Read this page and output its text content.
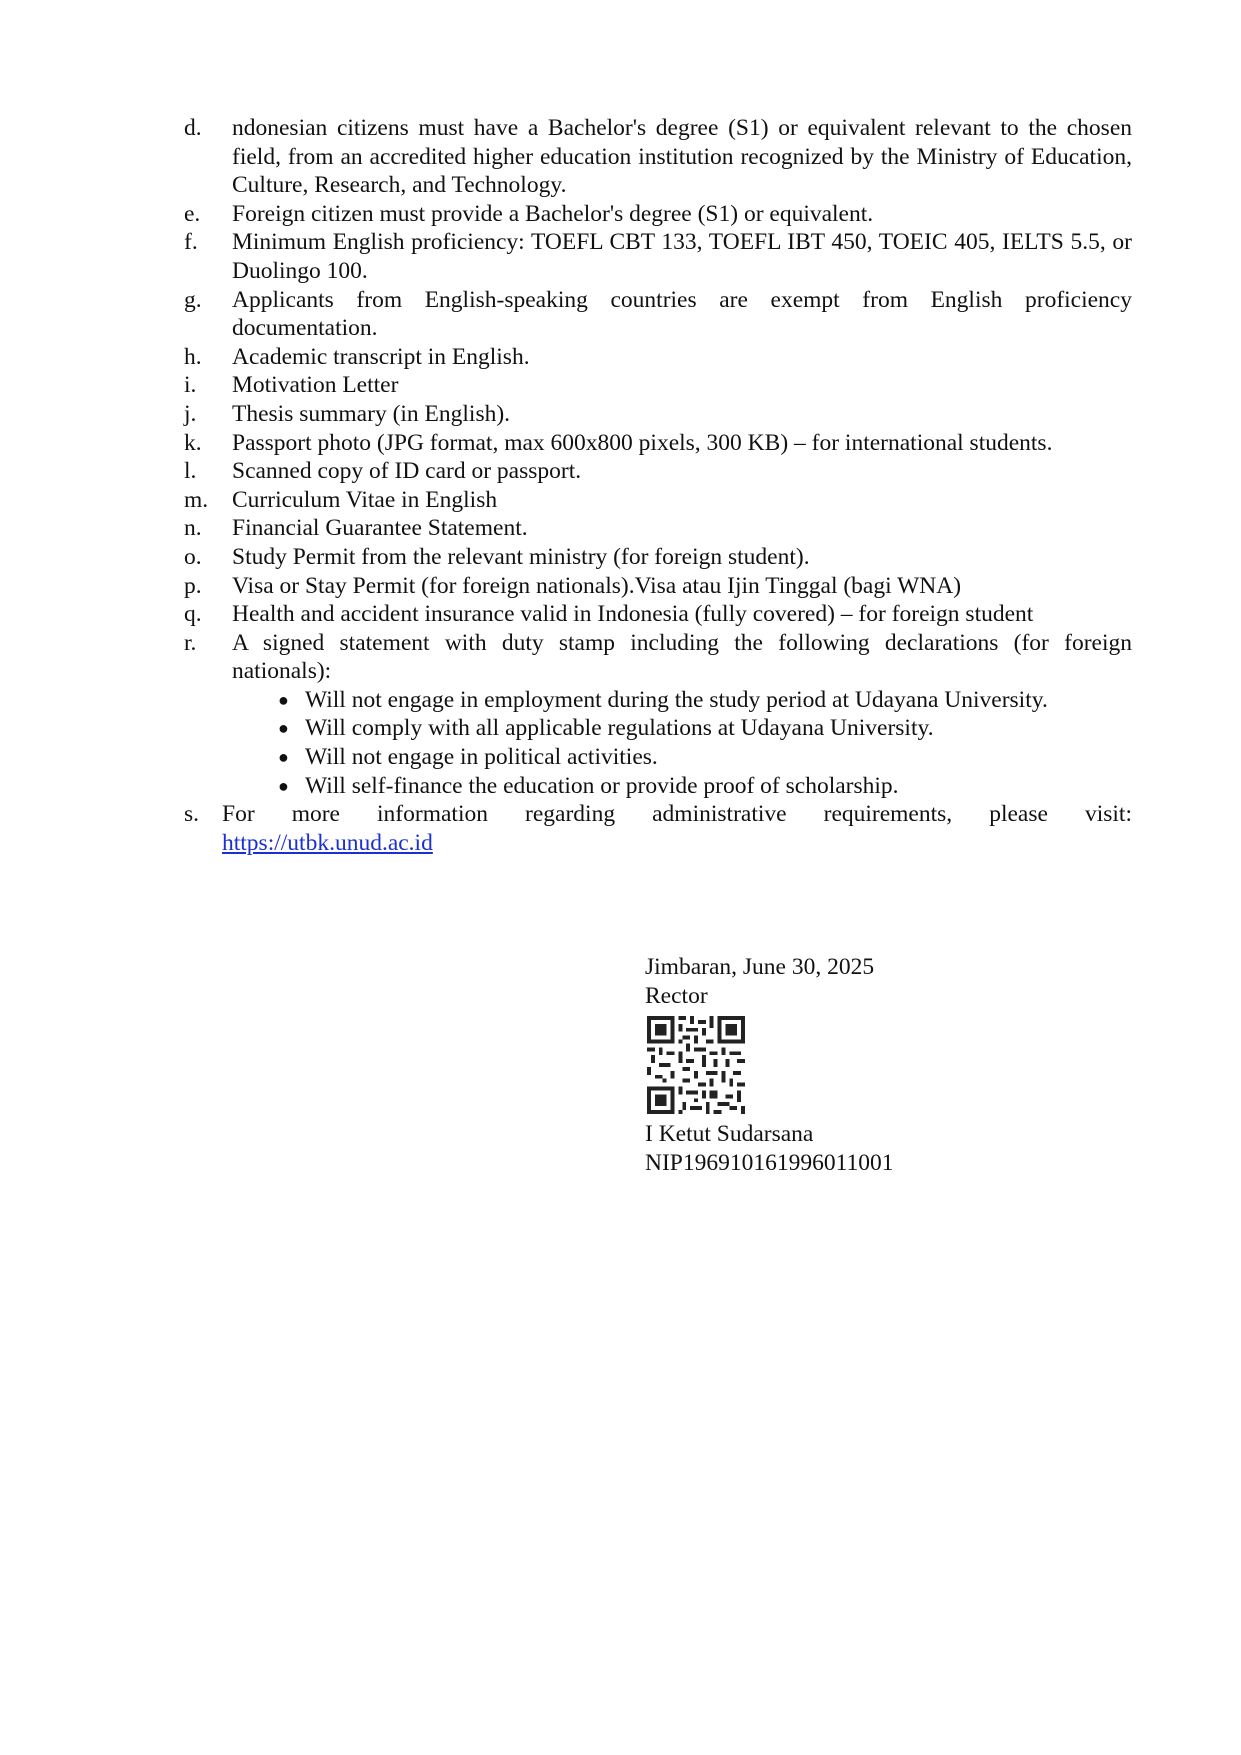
d.	ndonesian citizens must have a Bachelor's degree (S1) or equivalent relevant to the chosen field, from an accredited higher education institution recognized by the Ministry of Education, Culture, Research, and Technology.
e.	Foreign citizen must provide a Bachelor's degree (S1) or equivalent.
f.	Minimum English proficiency: TOEFL CBT 133, TOEFL IBT 450, TOEIC 405, IELTS 5.5, or Duolingo 100.
g.	Applicants from English-speaking countries are exempt from English proficiency documentation.
h.	Academic transcript in English.
i.	Motivation Letter
j.	Thesis summary (in English).
k.	Passport photo (JPG format, max 600x800 pixels, 300 KB) – for international students.
l.	Scanned copy of ID card or passport.
m.	Curriculum Vitae in English
n.	Financial Guarantee Statement.
o.	Study Permit from the relevant ministry (for foreign student).
p.	Visa or Stay Permit (for foreign nationals).Visa atau Ijin Tinggal (bagi WNA)
q.	Health and accident insurance valid in Indonesia (fully covered) – for foreign student
r.	A signed statement with duty stamp including the following declarations (for foreign nationals):
● Will not engage in employment during the study period at Udayana University.
● Will comply with all applicable regulations at Udayana University.
● Will not engage in political activities.
● Will self-finance the education or provide proof of scholarship.
s. For more information regarding administrative requirements, please visit:
https://utbk.unud.ac.id
Jimbaran, June 30, 2025
Rector
I Ketut Sudarsana
NIP196910161996011001
